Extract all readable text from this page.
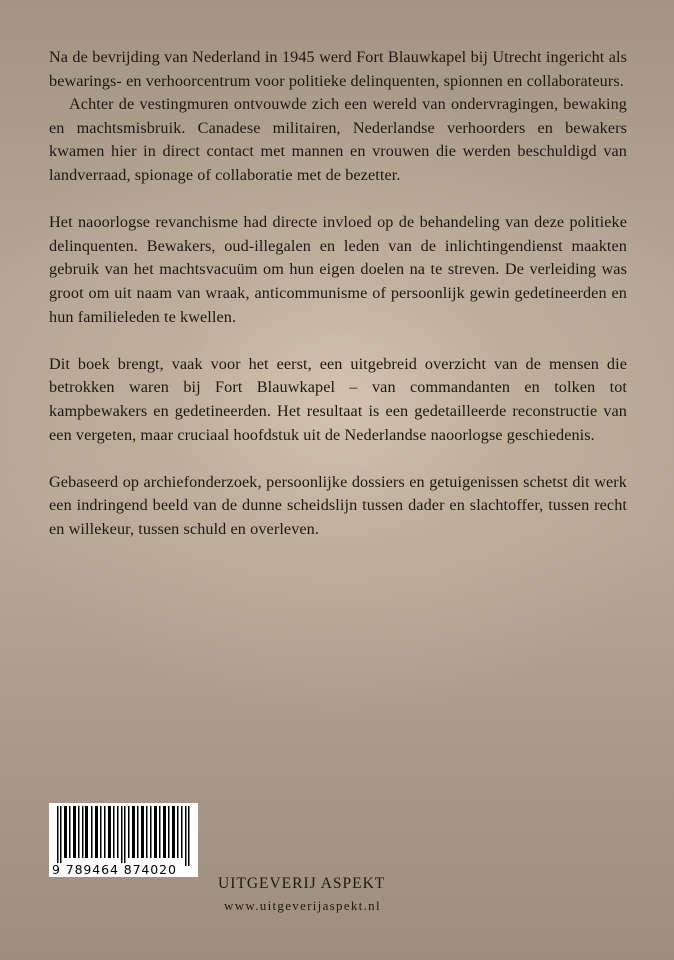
Na de bevrijding van Nederland in 1945 werd Fort Blauwkapel bij Utrecht ingericht als bewarings- en verhoorcentrum voor politieke delinquenten, spionnen en collaborateurs.

Achter de vestingmuren ontvouwde zich een wereld van ondervragingen, bewaking en machtsmisbruik. Canadese militairen, Nederlandse verhoorders en bewakers kwamen hier in direct contact met mannen en vrouwen die werden beschuldigd van landverraad, spionage of collaboratie met de bezetter.

Het naoorlogse revanchisme had directe invloed op de behandeling van deze politieke delinquenten. Bewakers, oud-illegalen en leden van de inlichtingendienst maakten gebruik van het machtsvacuüm om hun eigen doelen na te streven. De verleiding was groot om uit naam van wraak, anticommunisme of persoonlijk gewin gedetineerden en hun familieleden te kwellen.

Dit boek brengt, vaak voor het eerst, een uitgebreid overzicht van de mensen die betrokken waren bij Fort Blauwkapel – van commandanten en tolken tot kampbewakers en gedetineerden. Het resultaat is een gedetailleerde reconstructie van een vergeten, maar cruciaal hoofdstuk uit de Nederlandse naoorlogse geschiedenis.

Gebaseerd op archiefonderzoek, persoonlijke dossiers en getuigenissen schetst dit werk een indringend beeld van de dunne scheidslijn tussen dader en slachtoffer, tussen recht en willekeur, tussen schuld en overleven.

9 789464 874020
UITGEVERIJ ASPEKT
www.uitgeverijaspekt.nl
